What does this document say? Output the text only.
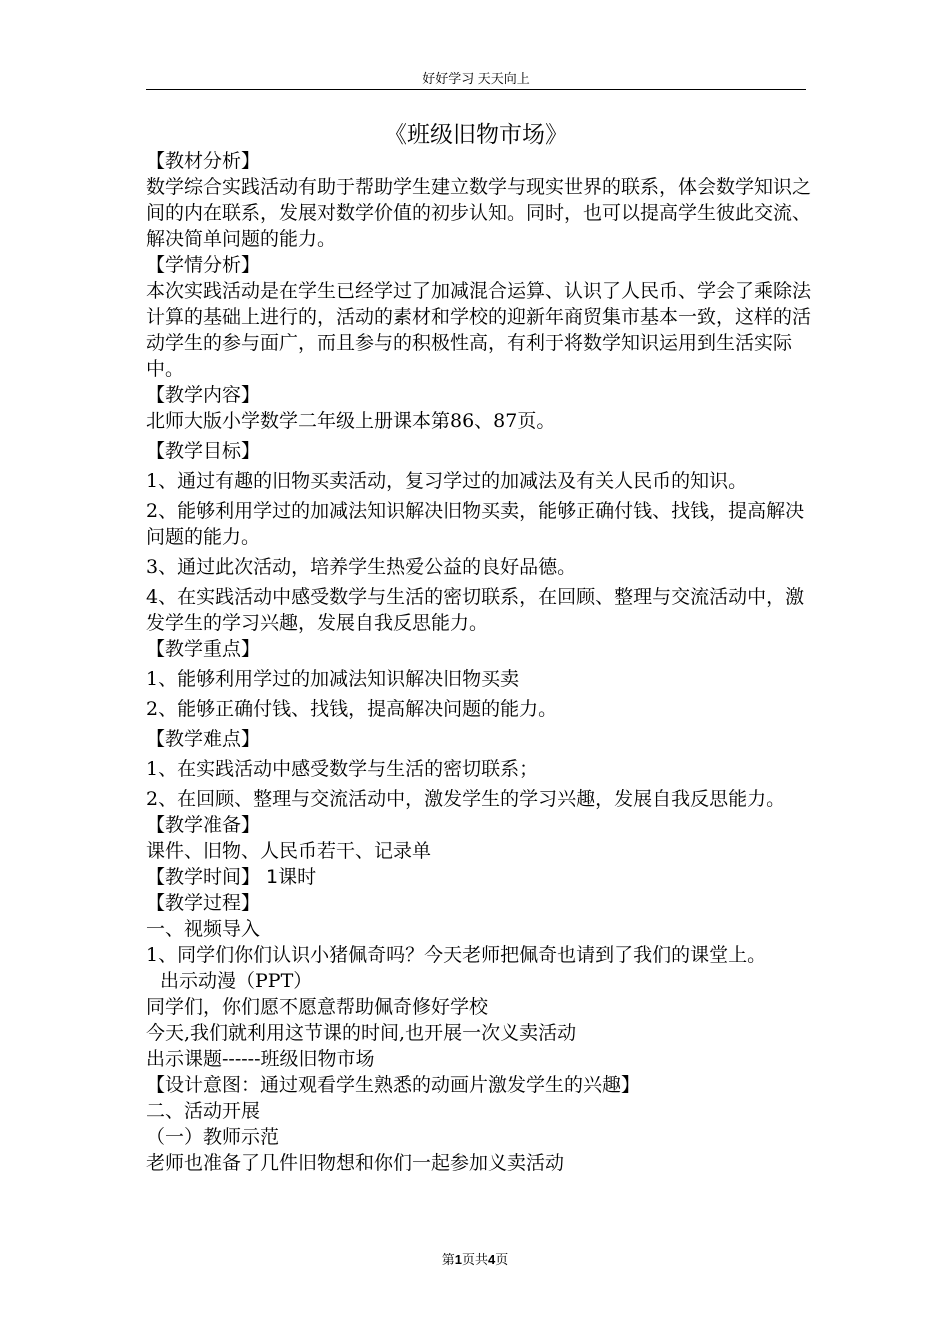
好好学习 天天向上
《班级旧物市场》

【教材分析】

数学综合实践活动有助于帮助学生建立数学与现实世界的联系，体会数学知识之间的内在联系，发展对数学价值的初步认知。同时，也可以提高学生彼此交流、解决简单问题的能力。

【学情分析】

本次实践活动是在学生已经学过了加减混合运算、认识了人民币、学会了乘除法计算的基础上进行的，活动的素材和学校的迎新年商贸集市基本一致，这样的活动学生的参与面广，而且参与的积极性高，有利于将数学知识运用到生活实际中。

【教学内容】

北师大版小学数学二年级上册课本第86、87页。

【教学目标】

1、通过有趣的旧物买卖活动，复习学过的加减法及有关人民币的知识。

2、能够利用学过的加减法知识解决旧物买卖，能够正确付钱、找钱，提高解决问题的能力。

3、通过此次活动，培养学生热爱公益的良好品德。

4、在实践活动中感受数学与生活的密切联系，在回顾、整理与交流活动中，激发学生的学习兴趣，发展自我反思能力。

【教学重点】

1、能够利用学过的加减法知识解决旧物买卖

2、能够正确付钱、找钱，提高解决问题的能力。

【教学难点】

1、在实践活动中感受数学与生活的密切联系；

2、在回顾、整理与交流活动中，激发学生的学习兴趣，发展自我反思能力。

【教学准备】

课件、旧物、人民币若干、记录单

【教学时间】 1课时

【教学过程】

一、视频导入

1、同学们你们认识小猪佩奇吗？今天老师把佩奇也请到了我们的课堂上。

出示动漫（PPT）

同学们，你们愿不愿意帮助佩奇修好学校

今天,我们就利用这节课的时间,也开展一次义卖活动

出示课题------班级旧物市场

【设计意图：通过观看学生熟悉的动画片激发学生的兴趣】

二、活动开展

（一）教师示范

老师也准备了几件旧物想和你们一起参加义卖活动

第1页共4页
